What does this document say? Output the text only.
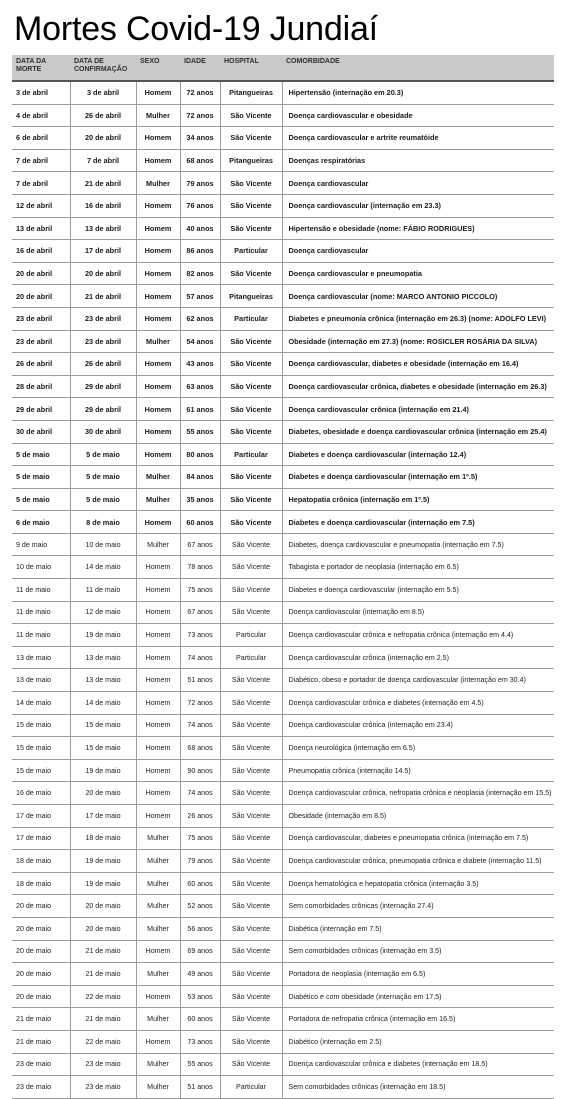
Mortes Covid-19 Jundiaí
DATA DA MORTE	DATA DE CONFIRMAÇÃO	SEXO	IDADE	HOSPITAL	COMORBIDADE
3 de abril	3 de abril	Homem	72 anos	Pitangueiras	Hipertensão (internação em 20.3)
4 de abril	26 de abril	Mulher	72 anos	São Vicente	Doença cardiovascular e obesidade
6 de abril	20 de abril	Homem	34 anos	São Vicente	Doença cardiovascular e artrite reumatóide
7 de abril	7 de abril	Homem	68 anos	Pitangueiras	Doenças respiratórias
7 de abril	21 de abril	Mulher	79 anos	São Vicente	Doença cardiovascular
12 de abril	16 de abril	Homem	76 anos	São Vicente	Doença cardiovascular (internação em 23.3)
13 de abril	13 de abril	Homem	40 anos	São Vicente	Hipertensão e obesidade (nome: FÁBIO RODRIGUES)
16 de abril	17 de abril	Homem	86 anos	Particular	Doença cardiovascular
20 de abril	20 de abril	Homem	82 anos	São Vicente	Doença cardiovascular e pneumopatia
20 de abril	21 de abril	Homem	57 anos	Pitangueiras	Doença cardiovascular (nome: MARCO ANTONIO PICCOLO)
23 de abril	23 de abril	Homem	62 anos	Particular	Diabetes e pneumonia crônica (internação em 26.3) (nome: ADOLFO LEVI)
23 de abril	23 de abril	Mulher	54 anos	São Vicente	Obesidade (internação em 27.3) (nome: ROSICLER ROSÁRIA DA SILVA)
26 de abril	26 de abril	Homem	43 anos	São Vicente	Doença cardiovascular, diabetes e obesidade (internação em 16.4)
28 de abril	29 de abril	Homem	63 anos	São Vicente	Doença cardiovascular crônica, diabetes e obesidade (internação em 26.3)
29 de abril	29 de abril	Homem	61 anos	São Vicente	Doença cardiovascular crônica (internação em 21.4)
30 de abril	30 de abril	Homem	55 anos	São Vicente	Diabetes, obesidade e doença cardiovascular crônica (internação em 25.4)
5 de maio	5 de maio	Homem	80 anos	Particular	Diabetes e doença cardiovascular (internação 12.4)
5 de maio	5 de maio	Mulher	84 anos	São Vicente	Diabetes e doença cardiovascular (internação em 1º.5)
5 de maio	5 de maio	Mulher	35 anos	São Vicente	Hepatopatia crônica (internação em 1º.5)
6 de maio	8 de maio	Homem	60 anos	São Vicente	Diabetes e doença cardiovascular (internação em 7.5)
9 de maio	10 de maio	Mulher	67 anos	São Vicente	Diabetes, doença cardiovascular e pneumopatia (internação em 7.5)
10 de maio	14 de maio	Homem	78 anos	São Vicente	Tabagista e portador de neoplasia (internação em 6.5)
11 de maio	11 de maio	Homem	75 anos	São Vicente	Diabetes e doença cardiovascular (internação em 5.5)
11 de maio	12 de maio	Homem	67 anos	São Vicente	Doença cardiovascular (internação em 8.5)
11 de maio	19 de maio	Homem	73 anos	Particular	Doença cardiovascular crônica e nefropatia crônica (internação em 4.4)
13 de maio	13 de maio	Homem	74 anos	Particular	Doença cardiovascular crônica (internação em 2.5)
13 de maio	13 de maio	Homem	51 anos	São Vicente	Diabético, obeso e portador de doença cardiovascular (internação em 30.4)
14 de maio	14 de maio	Homem	72 anos	São Vicente	Doença cardiovascular crônica e diabetes (internação em 4.5)
15 de maio	15 de maio	Homem	74 anos	São Vicente	Doença cardiovascular crônica (internação em 23.4)
15 de maio	15 de maio	Homem	68 anos	São Vicente	Doença neurológica (internação em 6.5)
15 de maio	19 de maio	Homem	90 anos	São Vicente	Pneumopatia crônica (internação 14.5)
16 de maio	20 de maio	Homem	74 anos	São Vicente	Doença cardiovascular crônica, nefropatia crônica e neoplasia (internação em 15.5)
17 de maio	17 de maio	Homem	26 anos	São Vicente	Obesidade (internação em 8.5)
17 de maio	18 de maio	Mulher	75 anos	São Vicente	Doença cardiovascular, diabetes e pneumopatia crônica (internação em 7.5)
18 de maio	19 de maio	Mulher	79 anos	São Vicente	Doença cardiovascular crônica, pneumopatia crônica e diabete (internação 11.5)
18 de maio	19 de maio	Mulher	60 anos	São Vicente	Doença hematológica e hepatopatia crônica (internação 3.5)
20 de maio	20 de maio	Mulher	52 anos	São Vicente	Sem comorbidades crônicas (internação 27.4)
20 de maio	20 de maio	Mulher	56 anos	São Vicente	Diabética (internação em 7.5)
20 de maio	21 de maio	Homem	69 anos	São Vicente	Sem comorbidades crônicas (internação em 3.5)
20 de maio	21 de maio	Mulher	49 anos	São Vicente	Portadora de neoplasia (internação em 6.5)
20 de maio	22 de maio	Homem	53 anos	São Vicente	Diabético e com obesidade (internação em 17.5)
21 de maio	21 de maio	Mulher	60 anos	São Vicente	Portadora de nefropatia crônica (internação em 16.5)
21 de maio	22 de maio	Homem	73 anos	São Vicente	Diabético (internação em 2.5)
23 de maio	23 de maio	Mulher	55 anos	São Vicente	Doença cardiovascular crônica e diabetes (internação em 18.5)
23 de maio	23 de maio	Mulher	51 anos	Particular	Sem comorbidades crônicas (internação em 18.5)
